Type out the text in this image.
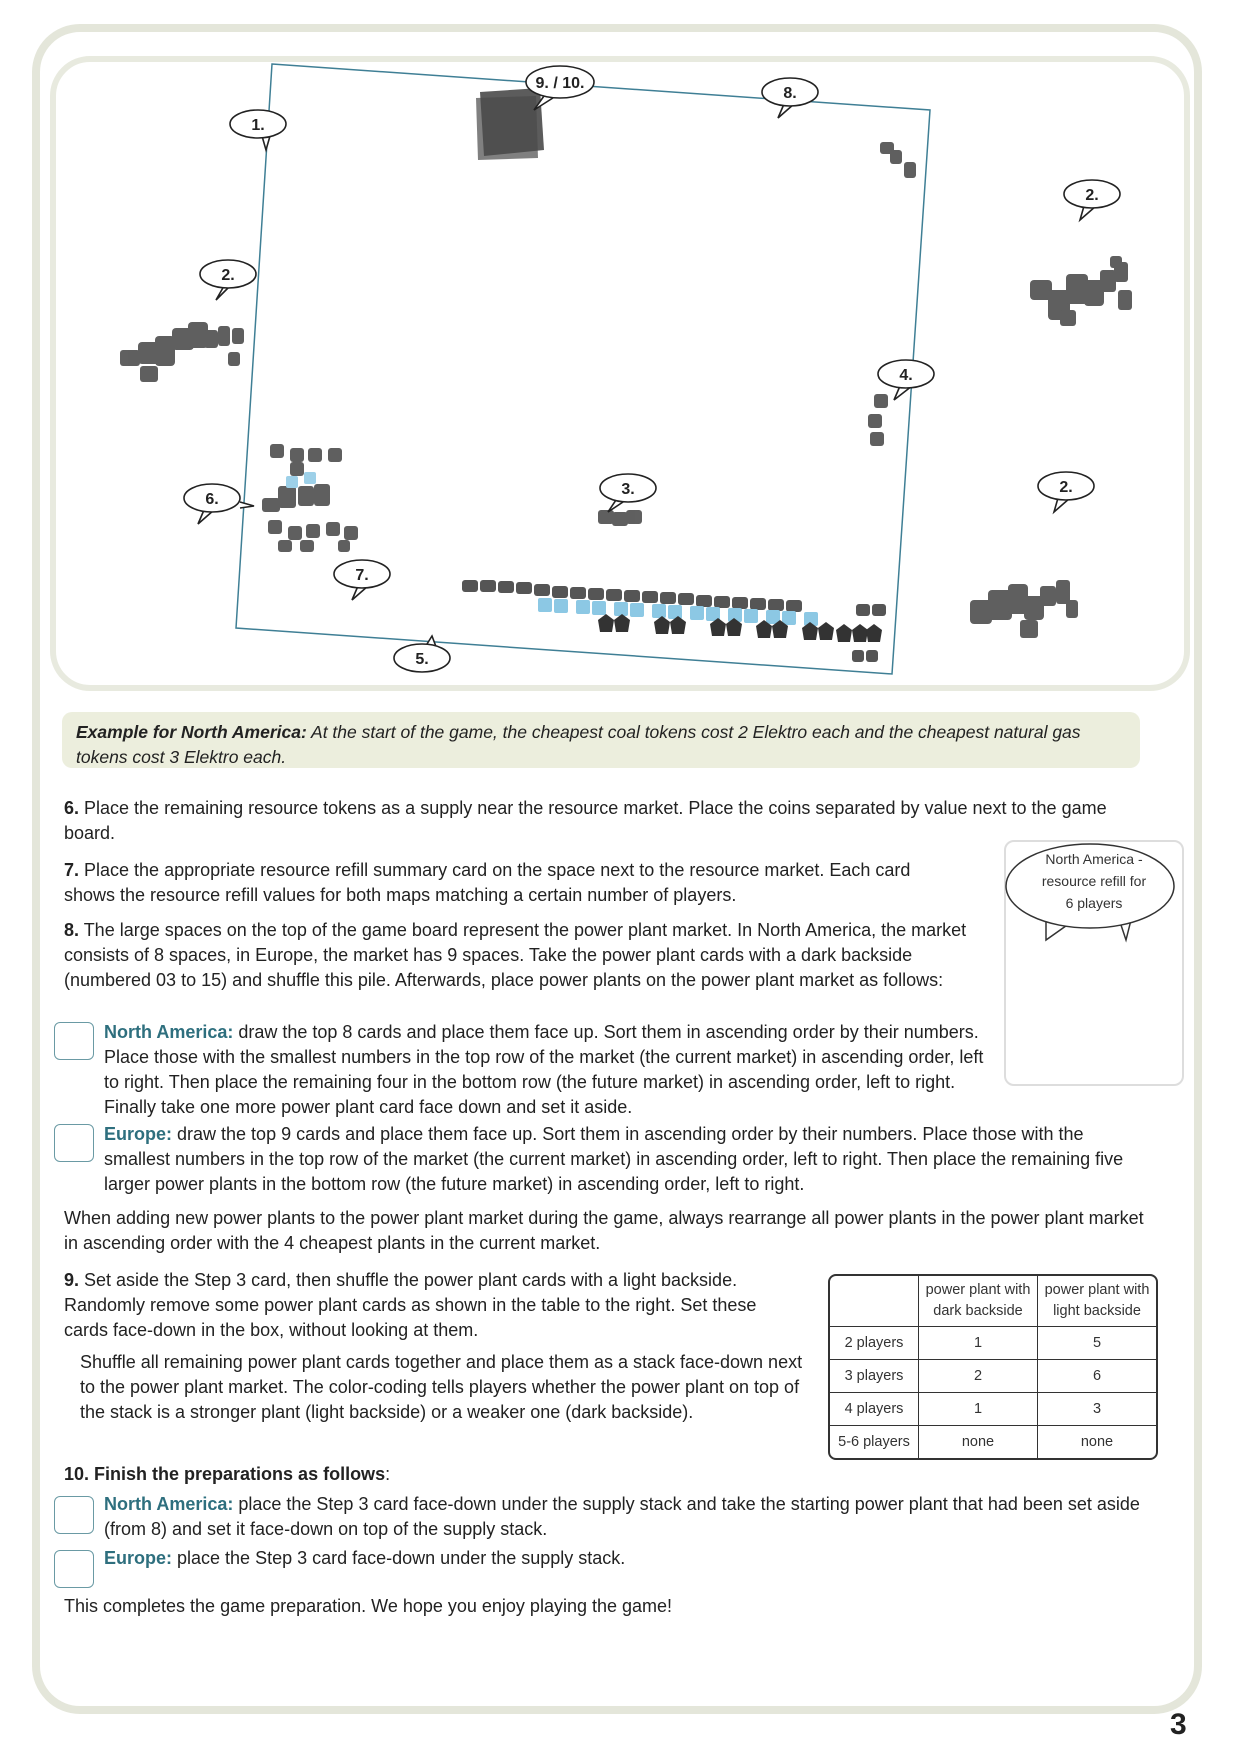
1.
2.
2.
2.
3.
4.
5.
6.
7.
8.
9. / 10.
Example for North America: At the start of the game, the cheapest coal tokens cost 2 Elektro each and the cheapest natural gas tokens cost 3 Elektro each.
6. Place the remaining resource tokens as a supply near the resource market. Place the coins separated by value next to the game board.
7. Place the appropriate resource refill summary card on the space next to the resource market. Each card shows the resource refill values for both maps matching a certain number of players.
8. The large spaces on the top of the game board represent the power plant market. In North America, the market consists of 8 spaces, in Europe, the market has 9 spaces. Take the power plant cards with a dark backside (numbered 03 to 15) and shuffle this pile. Afterwards, place power plants on the power plant market as follows:
North America: draw the top 8 cards and place them face up. Sort them in ascending order by their numbers. Place those with the smallest numbers in the top row of the market (the current market) in ascending order, left to right. Then place the remaining four in the bottom row (the future market) in ascending order, left to right. Finally take one more power plant card face down and set it aside.
Europe: draw the top 9 cards and place them face up. Sort them in ascending order by their numbers. Place those with the smallest numbers in the top row of the market (the current market) in ascending order, left to right. Then place the remaining five larger power plants in the bottom row (the future market) in ascending order, left to right.
When adding new power plants to the power plant market during the game, always rearrange all power plants in the power plant market in ascending order with the 4 cheapest plants in the current market.
9. Set aside the Step 3 card, then shuffle the power plant cards with a light backside. Randomly remove some power plant cards as shown in the table to the right. Set these cards face-down in the box, without looking at them.
Shuffle all remaining power plant cards together and place them as a stack face-down next to the power plant market. The color-coding tells players whether the power plant on top of the stack is a stronger plant (light backside) or a weaker one (dark backside).
10. Finish the preparations as follows:
North America: place the Step 3 card face-down under the supply stack and take the starting power plant that had been set aside (from 8) and set it face-down on top of the supply stack.
Europe: place the Step 3 card face-down under the supply stack.
This completes the game preparation. We hope you enjoy playing the game!
North America -
resource refill for
6 players
	power plant with dark backside	power plant with light backside
2 players	1	5
3 players	2	6
4 players	1	3
5-6 players	none	none
3
